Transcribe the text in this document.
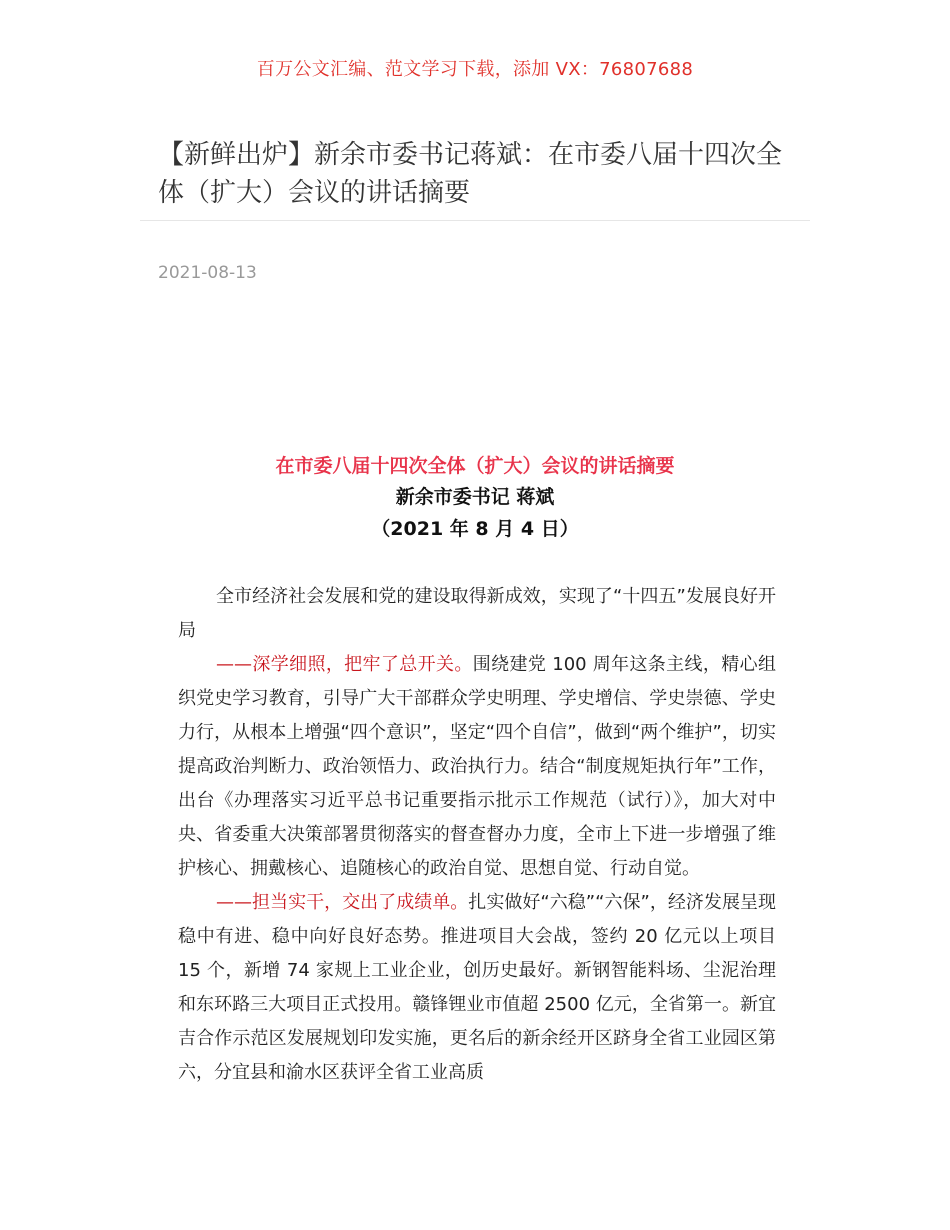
百万公文汇编、范文学习下载，添加 VX：76807688
【新鲜出炉】新余市委书记蒋斌：在市委八届十四次全体（扩大）会议的讲话摘要
2021-08-13
在市委八届十四次全体（扩大）会议的讲话摘要
新余市委书记 蒋斌
（2021 年 8 月 4 日）

全市经济社会发展和党的建设取得新成效，实现了“十四五”发展良好开局

——深学细照，把牢了总开关。围绕建党 100 周年这条主线，精心组织党史学习教育，引导广大干部群众学史明理、学史增信、学史崇德、学史力行，从根本上增强“四个意识”，坚定“四个自信”，做到“两个维护”，切实提高政治判断力、政治领悟力、政治执行力。结合“制度规矩执行年”工作，出台《办理落实习近平总书记重要指示批示工作规范（试行）》，加大对中央、省委重大决策部署贯彻落实的督查督办力度，全市上下进一步增强了维护核心、拥戴核心、追随核心的政治自觉、思想自觉、行动自觉。

——担当实干，交出了成绩单。扎实做好“六稳”“六保”，经济发展呈现稳中有进、稳中向好良好态势。推进项目大会战，签约 20 亿元以上项目 15 个，新增 74 家规上工业企业，创历史最好。新钢智能料场、尘泥治理和东环路三大项目正式投用。赣锋锂业市值超 2500 亿元，全省第一。新宜吉合作示范区发展规划印发实施，更名后的新余经开区跻身全省工业园区第六，分宜县和渝水区获评全省工业高质
